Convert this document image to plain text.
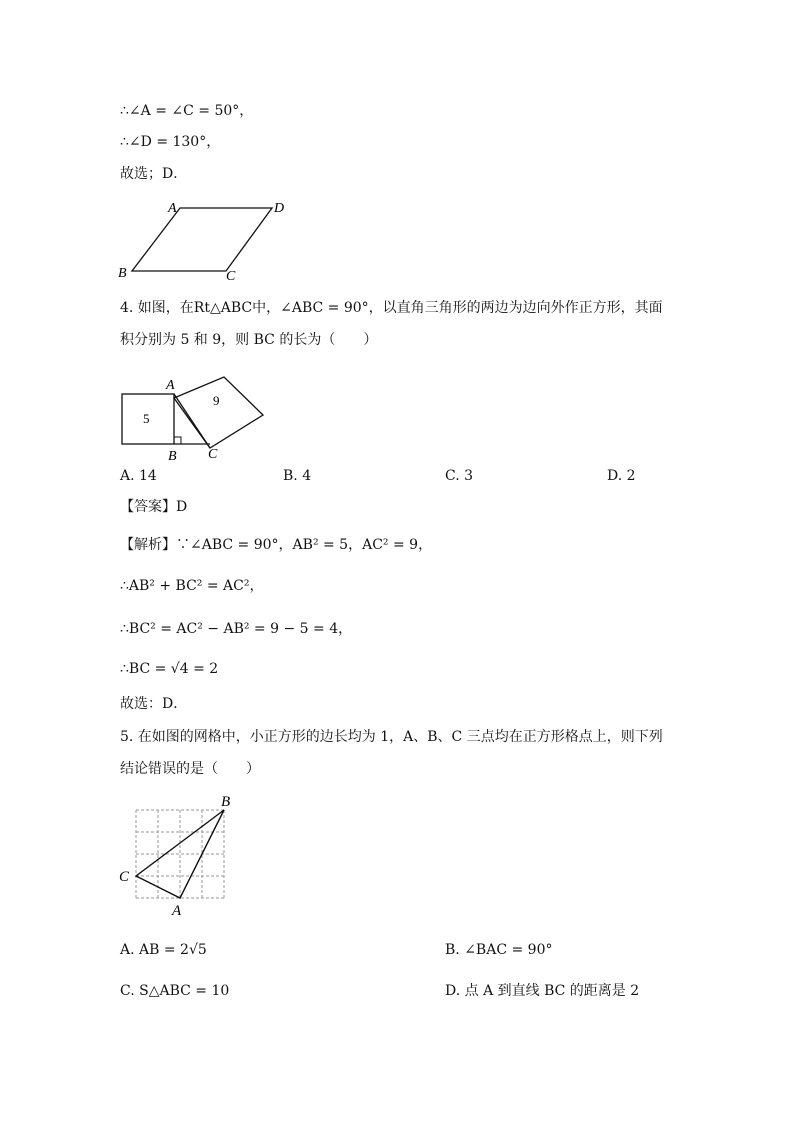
∴∠A = ∠C = 50°，
∴∠D = 130°，
故选；D．
A	D
B	C
4. 如图，在Rt△ABC中，∠ABC = 90°，以直角三角形的两边为边向外作正方形，其面
积分别为 5 和 9，则 BC 的长为（　　）
5
9
A
B C
A. 14	B. 4	C. 3	D. 2
【答案】D
【解析】∵∠ABC = 90°，AB² = 5，AC² = 9，
∴AB² + BC² = AC²，
∴BC² = AC² − AB² = 9 − 5 = 4，
∴BC = √4 = 2
故选：D．
5. 在如图的网格中，小正方形的边长均为 1，A、B、C 三点均在正方形格点上，则下列
结论错误的是（　　）
B
C
A
A. AB = 2√5	B. ∠BAC = 90°
C. S△ABC = 10	D. 点 A 到直线 BC 的距离是 2
